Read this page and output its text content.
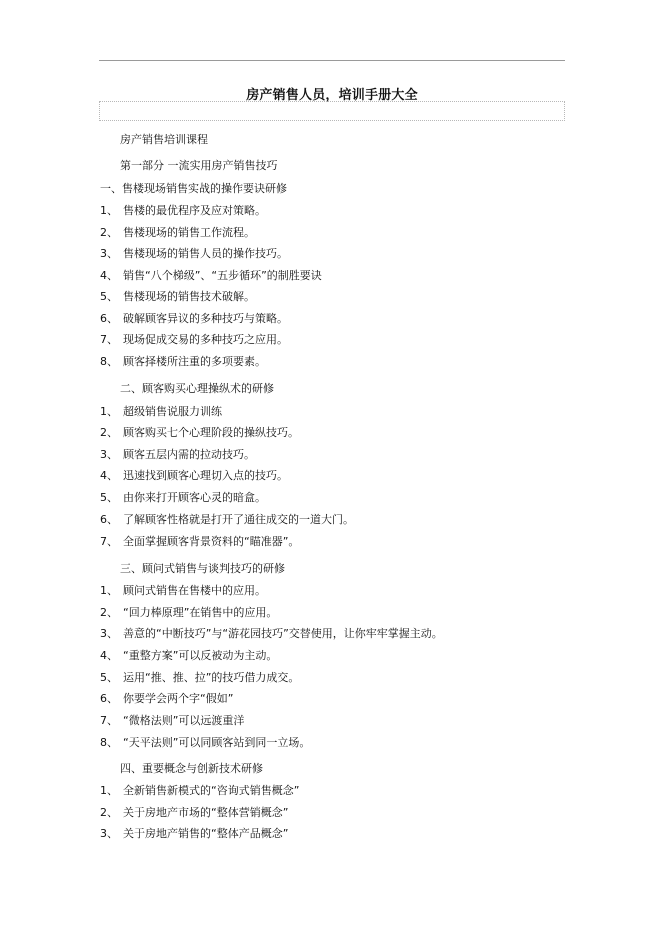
房产销售人员，培训手册大全
房产销售培训课程
第一部分 一流实用房产销售技巧
一、售楼现场销售实战的操作要诀研修
1、 售楼的最优程序及应对策略。
2、 售楼现场的销售工作流程。
3、 售楼现场的销售人员的操作技巧。
4、 销售“八个梯级”、“五步循环”的制胜要诀
5、 售楼现场的销售技术破解。
6、 破解顾客异议的多种技巧与策略。
7、 现场促成交易的多种技巧之应用。
8、 顾客择楼所注重的多项要素。
二、顾客购买心理操纵术的研修
1、 超级销售说服力训练
2、 顾客购买七个心理阶段的操纵技巧。
3、 顾客五层内需的拉动技巧。
4、 迅速找到顾客心理切入点的技巧。
5、 由你来打开顾客心灵的暗盒。
6、 了解顾客性格就是打开了通往成交的一道大门。
7、 全面掌握顾客背景资料的“瞄准器”。
三、顾问式销售与谈判技巧的研修
1、 顾问式销售在售楼中的应用。
2、 “回力棒原理”在销售中的应用。
3、 善意的“中断技巧”与“游花园技巧”交替使用，让你牢牢掌握主动。
4、 “重整方案”可以反被动为主动。
5、 运用“推、推、拉”的技巧借力成交。
6、 你要学会两个字“假如”
7、 “微格法则”可以远渡重洋
8、 “天平法则”可以同顾客站到同一立场。
四、重要概念与创新技术研修
1、 全新销售新模式的“咨询式销售概念”
2、 关于房地产市场的“整体营销概念”
3、 关于房地产销售的“整体产品概念”
